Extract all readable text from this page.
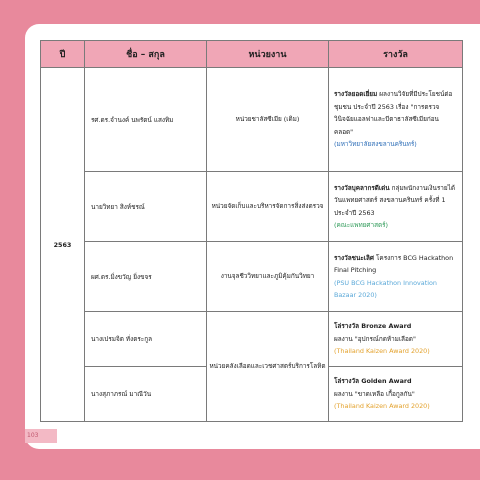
ปี	ชื่อ – สกุล	หน่วยงาน	รางวัล
2563	รศ.ดร.จำนงค์ นพรัตน์ แสงทิม	หน่วยชาลัสซีเมีย (เดิม)	รางวัลยอดเยี่ยม ผลงานวิจัยที่มีประโยชน์ต่อชุมชน ประจำปี 2563 เรื่อง "การตรวจวินิจฉัยแอลฟาและบีตาธาลัสซีเมียก่อนคลอด"
(มหาวิทยาลัยสงขลานครินทร์)
	นายวิทยา สิงห์ชรณ์	หน่วยจัดเก็บและบริหารจัดการสิ่งส่งตรวจ	รางวัลบุคลากรดีเด่น กลุ่มพนักงานเงินรายได้ วันแพทยศาสตร์ สงขลานครินทร์ ครั้งที่ 1 ประจำปี 2563
(คณะแพทยศาสตร์)
	ผศ.ดร.มิ่งขวัญ ยิ่งขจร	งานจุลชีววิทยาและภูมิคุ้มกันวิทยา	รางวัลชนะเลิศ โครงการ BCG Hackathon Final Pitching
(PSU BCG Hackathon Innovation Bazaar 2020)
	นางเปรมจิต ทั่งตระกูล	หน่วยคลังเลือดและเวชศาสตร์บริการโลหิต	โล่รางวัล Bronze Award
ผลงาน "อุปกรณ์กดห้ามเลือด"
(Thailand Kaizen Award 2020)
	นางสุภาภรณ์ มาณีวัน		โล่รางวัล Golden Award
ผลงาน "ขาดเหลือ เกื้อกูลกัน"
(Thailand Kaizen Award 2020)
103
